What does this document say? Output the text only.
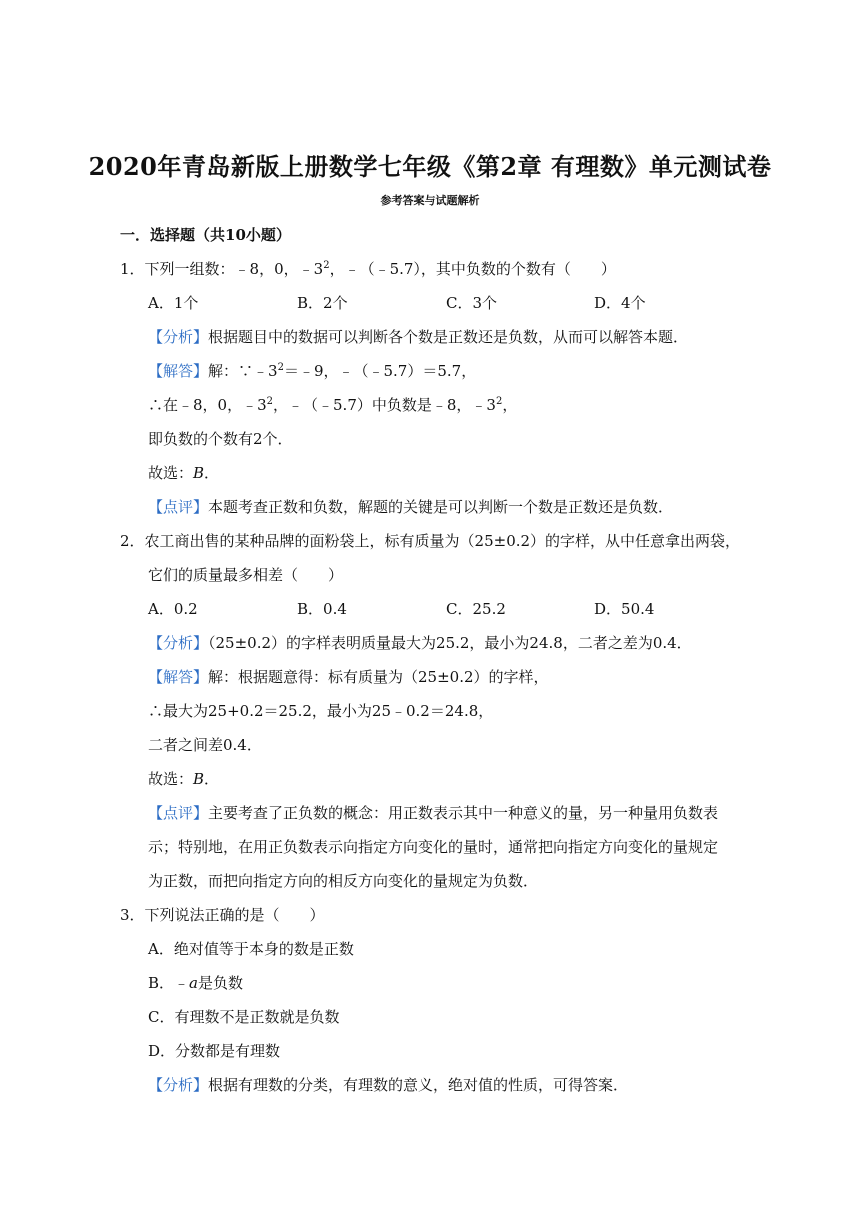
2020年青岛新版上册数学七年级《第2章 有理数》单元测试卷
参考答案与试题解析
一．选择题（共10小题）
1．下列一组数：﹣8，0，$﹣3^2$，﹣（﹣5.7），其中负数的个数有（　　）
A．1个	B．2个	C．3个	D．4个
【分析】根据题目中的数据可以判断各个数是正数还是负数，从而可以解答本题．
【解答】解：$\because﹣3^2=﹣9$，﹣（﹣5.7）＝5.7，
∴在﹣8，0，$﹣3^2$，﹣（﹣5.7）中负数是﹣8，$﹣3^2$，
即负数的个数有2个．
故选：B．
【点评】本题考查正数和负数，解题的关键是可以判断一个数是正数还是负数．
2．农工商出售的某种品牌的面粉袋上，标有质量为（25±0.2）的字样，从中任意拿出两袋，
它们的质量最多相差（　　）
A．0.2	B．0.4	C．25.2	D．50.4
【分析】（25±0.2）的字样表明质量最大为25.2，最小为24.8，二者之差为0.4．
【解答】解：根据题意得：标有质量为（25±0.2）的字样，
∴最大为25+0.2＝25.2，最小为25﹣0.2＝24.8，
二者之间差0.4．
故选：B．
【点评】主要考查了正负数的概念：用正数表示其中一种意义的量，另一种量用负数表
示；特别地，在用正负数表示向指定方向变化的量时，通常把向指定方向变化的量规定
为正数，而把向指定方向的相反方向变化的量规定为负数．
3．下列说法正确的是（　　）
A．绝对值等于本身的数是正数
B．﹣a是负数
C．有理数不是正数就是负数
D．分数都是有理数
【分析】根据有理数的分类，有理数的意义，绝对值的性质，可得答案．
